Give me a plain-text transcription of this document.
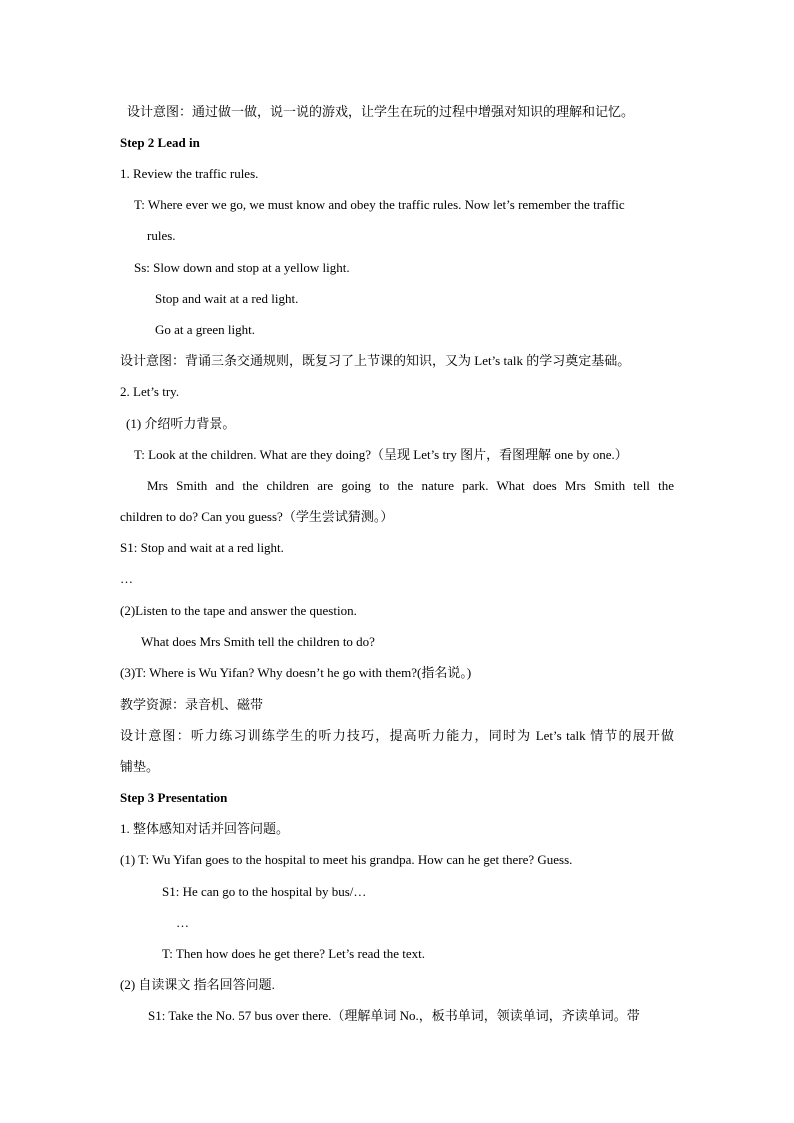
设计意图：通过做一做，说一说的游戏，让学生在玩的过程中增强对知识的理解和记忆。
Step 2 Lead in
1. Review the traffic rules.
T: Where ever we go, we must know and obey the traffic rules. Now let’s remember the traffic
rules.
Ss: Slow down and stop at a yellow light.
Stop and wait at a red light.
Go at a green light.
设计意图：背诵三条交通规则，既复习了上节课的知识，又为 Let’s talk 的学习奠定基础。
2. Let’s try.
(1) 介绍听力背景。
T: Look at the children. What are they doing?（呈现 Let’s try 图片，看图理解 one by one.）
Mrs Smith and the children are going to the nature park. What does Mrs Smith tell the
children to do? Can you guess?（学生尝试猜测。）
S1: Stop and wait at a red light.
…
(2)Listen to the tape and answer the question.
What does Mrs Smith tell the children to do?
(3)T: Where is Wu Yifan? Why doesn’t he go with them?(指名说。)
教学资源：录音机、磁带
设计意图：听力练习训练学生的听力技巧，提高听力能力，同时为 Let’s talk 情节的展开做
铺垫。
Step 3 Presentation
1. 整体感知对话并回答问题。
(1) T: Wu Yifan goes to the hospital to meet his grandpa. How can he get there? Guess.
S1: He can go to the hospital by bus/…
…
T: Then how does he get there? Let’s read the text.
(2) 自读课文 指名回答问题.
S1: Take the No. 57 bus over there.（理解单词 No.，板书单词，领读单词，齐读单词。带
